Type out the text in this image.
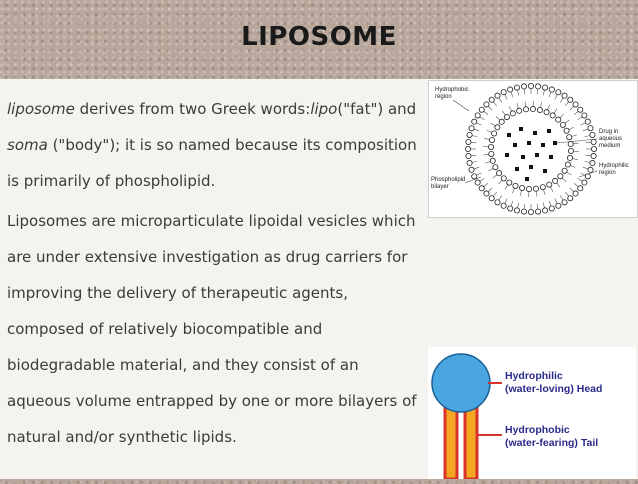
LIPOSOME

liposome derives from two Greek words:lipo("fat") and soma ("body"); it is so named because its composition is primarily of phospholipid.

Liposomes are microparticulate lipoidal vesicles which are under extensive investigation as drug carriers for improving the delivery of therapeutic agents, composed of relatively biocompatible and biodegradable material, and they consist of an aqueous volume entrapped by one or more bilayers of natural and/or synthetic lipids.

Hydrophobic
region
Drug in
aqueous
medium
Hydrophilic
region
Phospholipid
bilayer
Hydrophilic
(water-loving) Head
Hydrophobic
(water-fearing) Tail
